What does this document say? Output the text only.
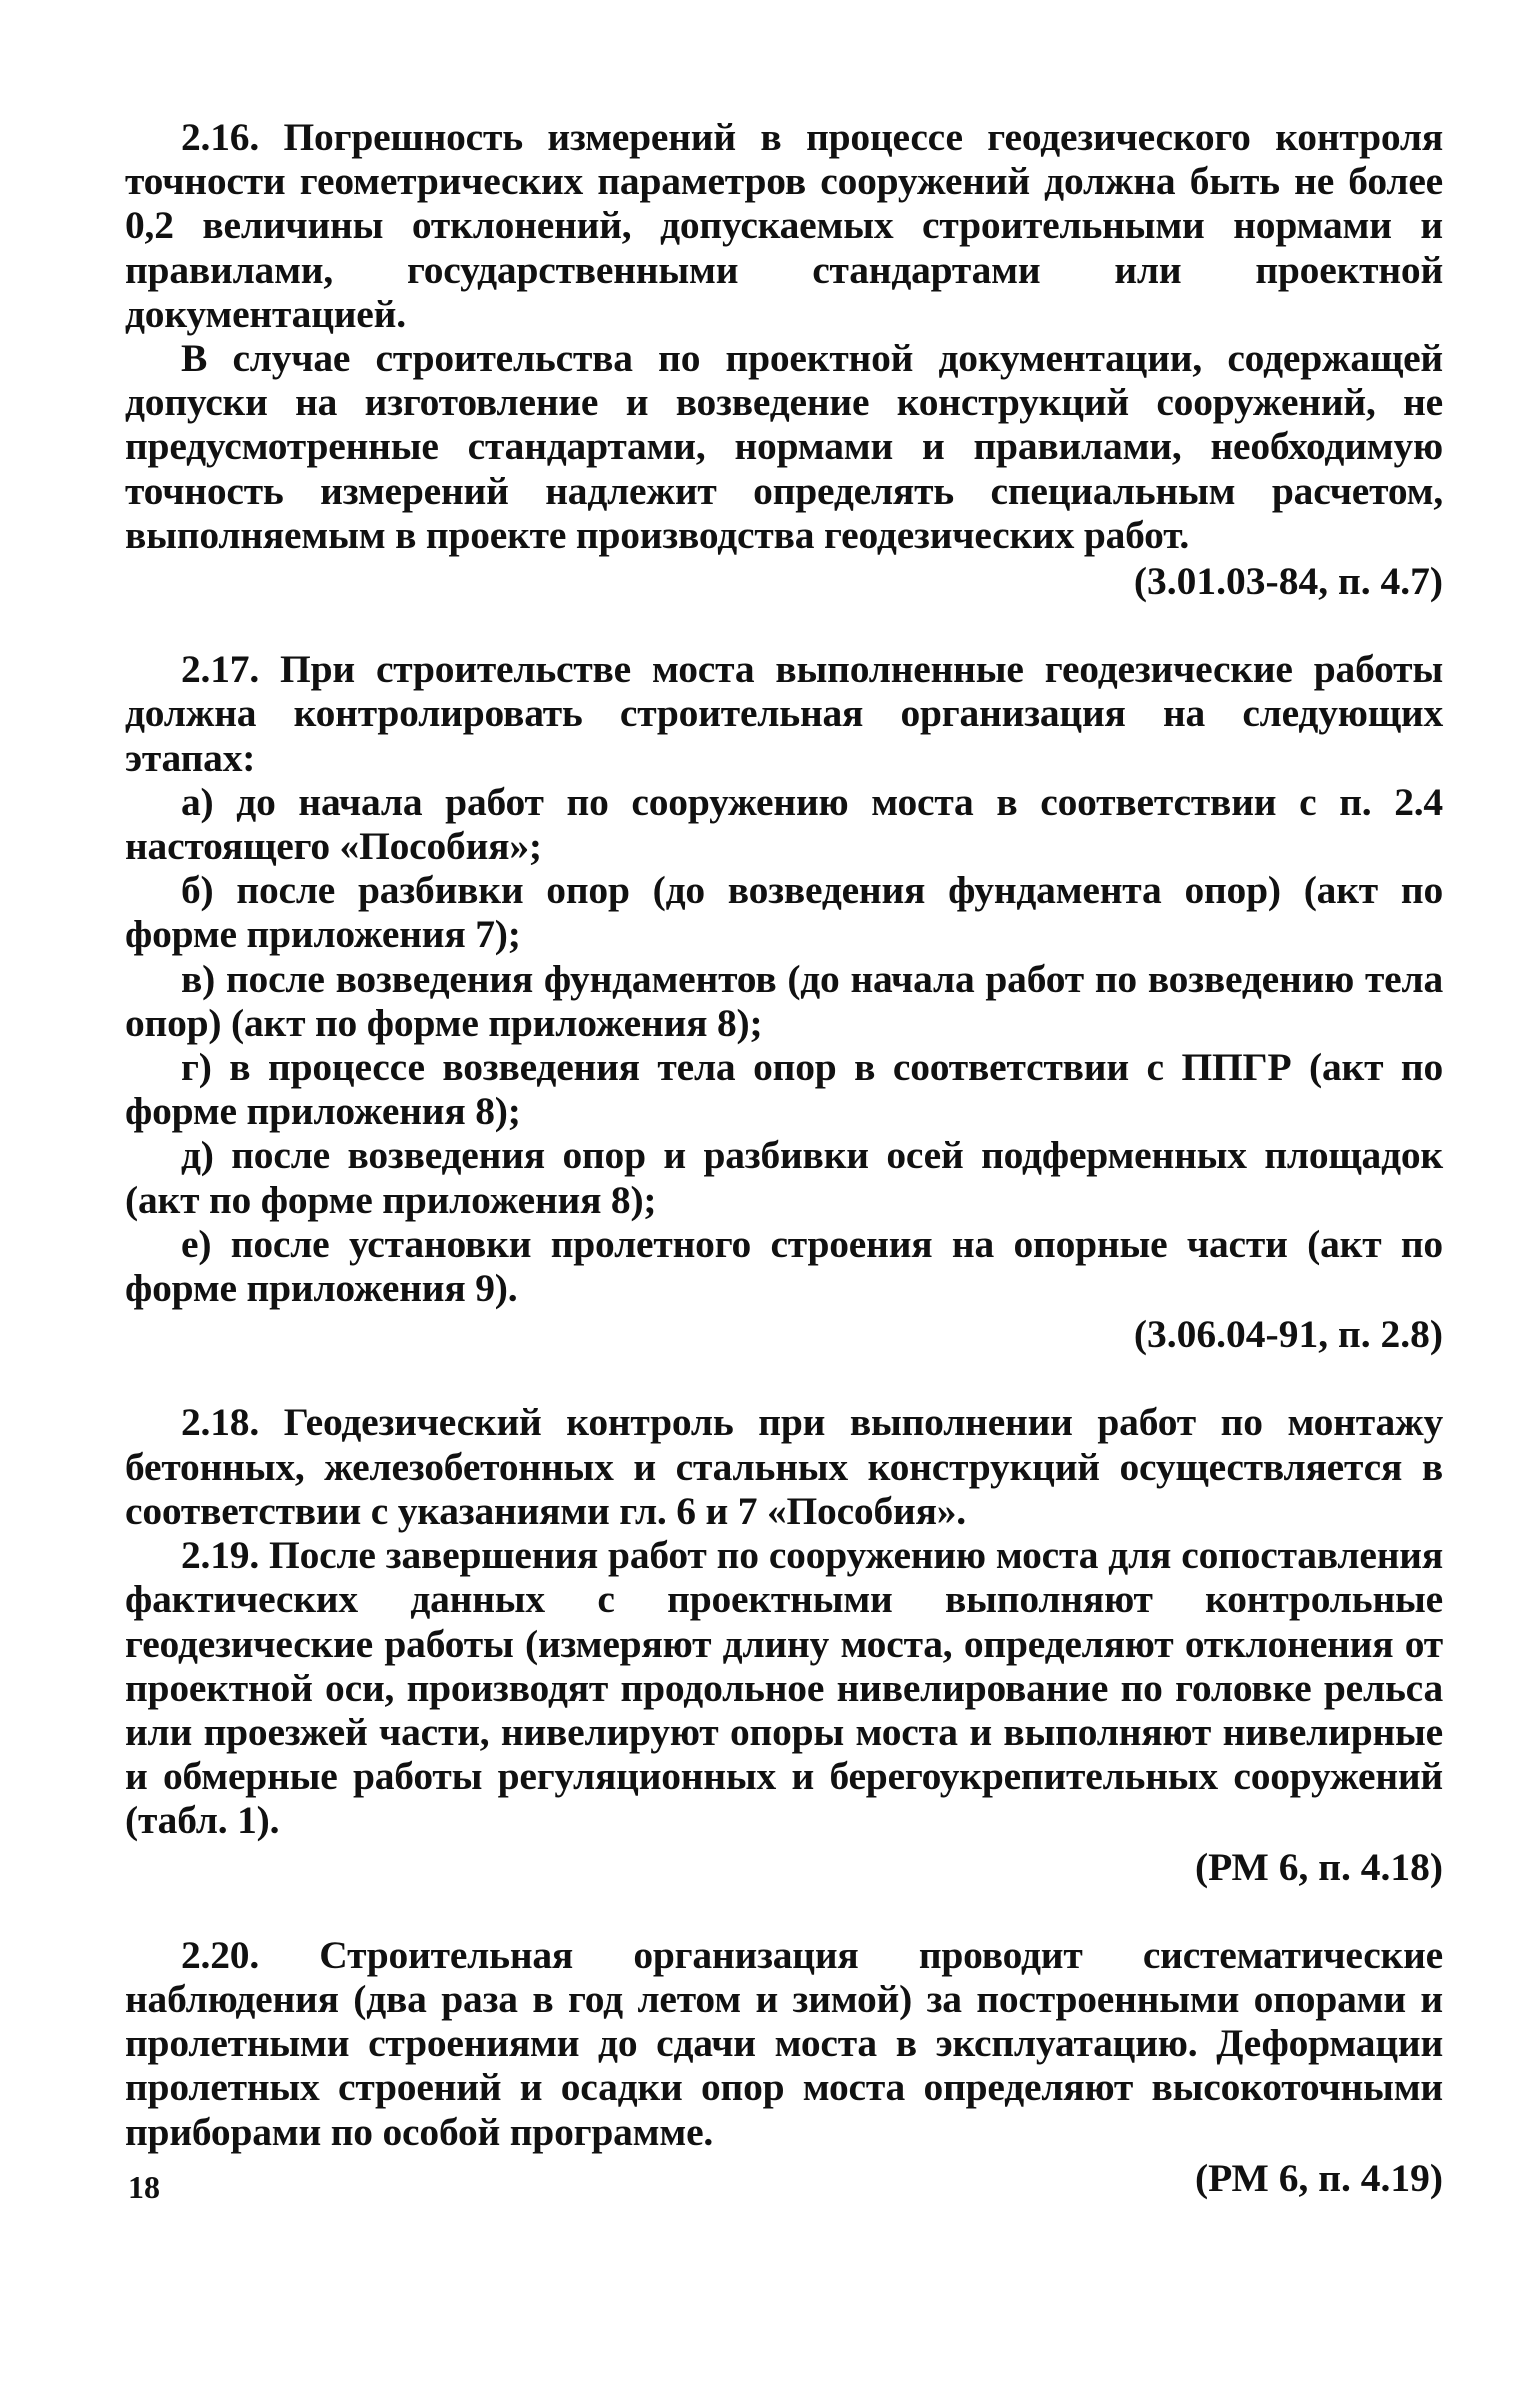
2.16. Погрешность измерений в процессе геодезического контроля точности геометрических параметров сооружений должна быть не более 0,2 величины отклонений, допускаемых строительными нормами и правилами, государственными стандартами или проектной документацией.

В случае строительства по проектной документации, содержащей допуски на изготовление и возведение конструкций сооружений, не предусмотренные стандартами, нормами и правилами, необходимую точность измерений надлежит определять специальным расчетом, выполняемым в проекте производства геодезических работ.

(3.01.03-84, п. 4.7)

2.17. При строительстве моста выполненные геодезические работы должна контролировать строительная организация на следующих этапах:

а) до начала работ по сооружению моста в соответствии с п. 2.4 настоящего «Пособия»;

б) после разбивки опор (до возведения фундамента опор) (акт по форме приложения 7);

в) после возведения фундаментов (до начала работ по возведению тела опор) (акт по форме приложения 8);

г) в процессе возведения тела опор в соответствии с ППГР (акт по форме приложения 8);

д) после возведения опор и разбивки осей подферменных площадок (акт по форме приложения 8);

е) после установки пролетного строения на опорные части (акт по форме приложения 9).

(3.06.04-91, п. 2.8)

2.18. Геодезический контроль при выполнении работ по монтажу бетонных, железобетонных и стальных конструкций осуществляется в соответствии с указаниями гл. 6 и 7 «Пособия».

2.19. После завершения работ по сооружению моста для сопоставления фактических данных с проектными выполняют контрольные геодезические работы (измеряют длину моста, определяют отклонения от проектной оси, производят продольное нивелирование по головке рельса или проезжей части, нивелируют опоры моста и выполняют нивелирные и обмерные работы регуляционных и берегоукрепительных сооружений (табл. 1).

(РМ 6, п. 4.18)

2.20. Строительная организация проводит систематические наблюдения (два раза в год летом и зимой) за построенными опорами и пролетными строениями до сдачи моста в эксплуатацию. Деформации пролетных строений и осадки опор моста определяют высокоточными приборами по особой программе.

(РМ 6, п. 4.19)

18
